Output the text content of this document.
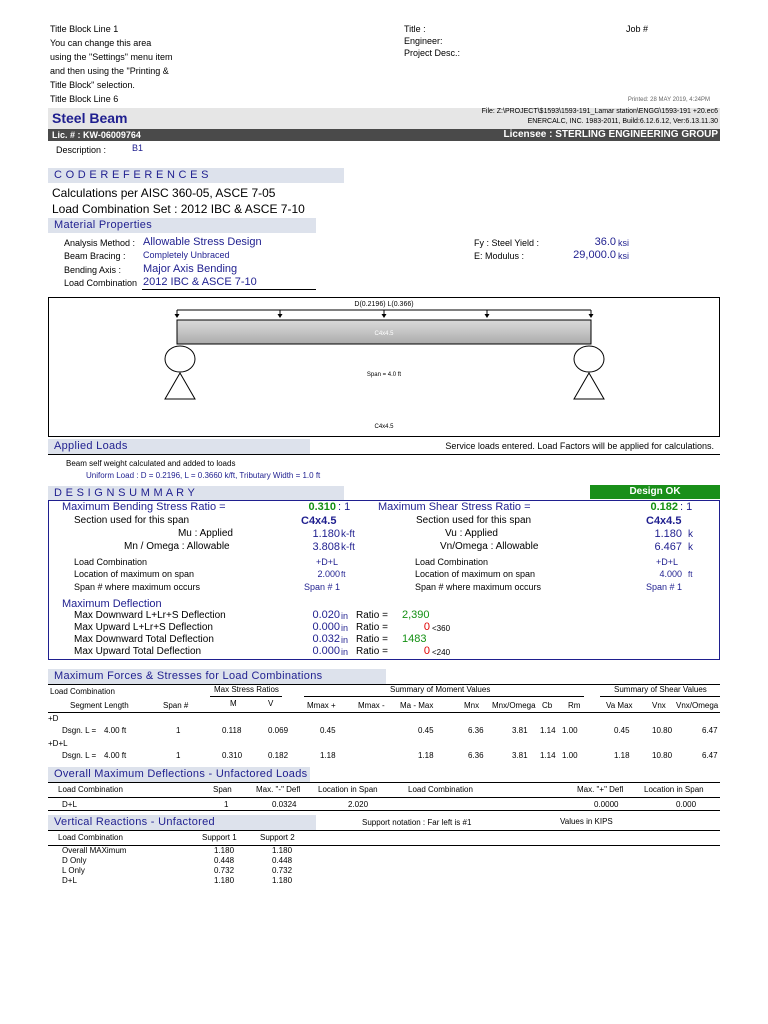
Title Block Line 1
You can change this area
using the "Settings" menu item
and then using the "Printing &
Title Block" selection.
Title Block Line 6
Title :
Engineer:
Project Desc.:
Job #
Printed: 28 MAY 2019, 4:24PM
Steel Beam	File: Z:\PROJECT\$1593\1593-191_Lamar station\ENGG\1593-191 +20.ec6
ENERCALC, INC. 1983-2011, Build:6.12.6.12, Ver:6.13.11.30
Lic. # : KW-06009764	Licensee : STERLING ENGINEERING GROUP
Description :	B1
C O D E R E F E R E N C E S
Calculations per AISC 360-05, ASCE 7-05
Load Combination Set : 2012 IBC & ASCE 7-10
Material Properties
Analysis Method : Allowable Stress Design
Beam Bracing : Completely Unbraced
Bending Axis : Major Axis Bending
Load Combination 2012 IBC & ASCE 7-10
Fy : Steel Yield :	36.0 ksi
E: Modulus :	29,000.0 ksi
D(0.2196) L(0.366)
C4x4.5
Span = 4.0 ft
C4x4.5
Applied Loads	Service loads entered. Load Factors will be applied for calculations.
Beam self weight calculated and added to loads
Uniform Load : D = 0.2196, L = 0.3660 k/ft, Tributary Width = 1.0 ft
D E S I G N S U M M A R Y	Design OK
Maximum Bending Stress Ratio =	0.310 : 1	Maximum Shear Stress Ratio =	0.182 : 1
Section used for this span	C4x4.5	Section used for this span	C4x4.5
Mu : Applied	1.180 k-ft	Vu : Applied	1.180 k
Mn / Omega : Allowable	3.808 k-ft	Vn/Omega : Allowable	6.467 k
Load Combination	+D+L	Load Combination	+D+L
Location of maximum on span	2.000 ft	Location of maximum on span	4.000 ft
Span # where maximum occurs	Span # 1	Span # where maximum occurs	Span # 1
Maximum Deflection
Max Downward L+Lr+S Deflection	0.020 in Ratio = 2,390
Max Upward L+Lr+S Deflection	0.000 in Ratio =	0 <360
Max Downward Total Deflection	0.032 in Ratio = 1483
Max Upward Total Deflection	0.000 in Ratio =	0 <240
Maximum Forces & Stresses for Load Combinations
Load Combination	Max Stress Ratios	Summary of Moment Values	Summary of Shear Values
Segment Length	Span #	M	V	Mmax +	Mmax - Ma - Max	Mnx Mnx/Omega Cb Rm	Va Max Vnx Vnx/Omega
+D
Dsgn. L = 4.00 ft	1	0.118	0.069	0.45	0.45	6.36	3.81 1.14 1.00	0.45	10.80	6.47
+D+L
Dsgn. L = 4.00 ft	1	0.310	0.182	1.18	1.18	6.36	3.81 1.14 1.00	1.18	10.80	6.47
Overall Maximum Deflections - Unfactored Loads
Load Combination	Span	Max. "-" Defl Location in Span	Load Combination	Max. "+" Defl	Location in Span
D+L	1	0.0324	2.020	0.0000	0.000
Vertical Reactions - Unfactored	Support notation : Far left is #1	Values in KIPS
Load Combination	Support 1	Support 2
Overall MAXimum	1.180	1.180
D Only	0.448	0.448
L Only	0.732	0.732
D+L	1.180	1.180
